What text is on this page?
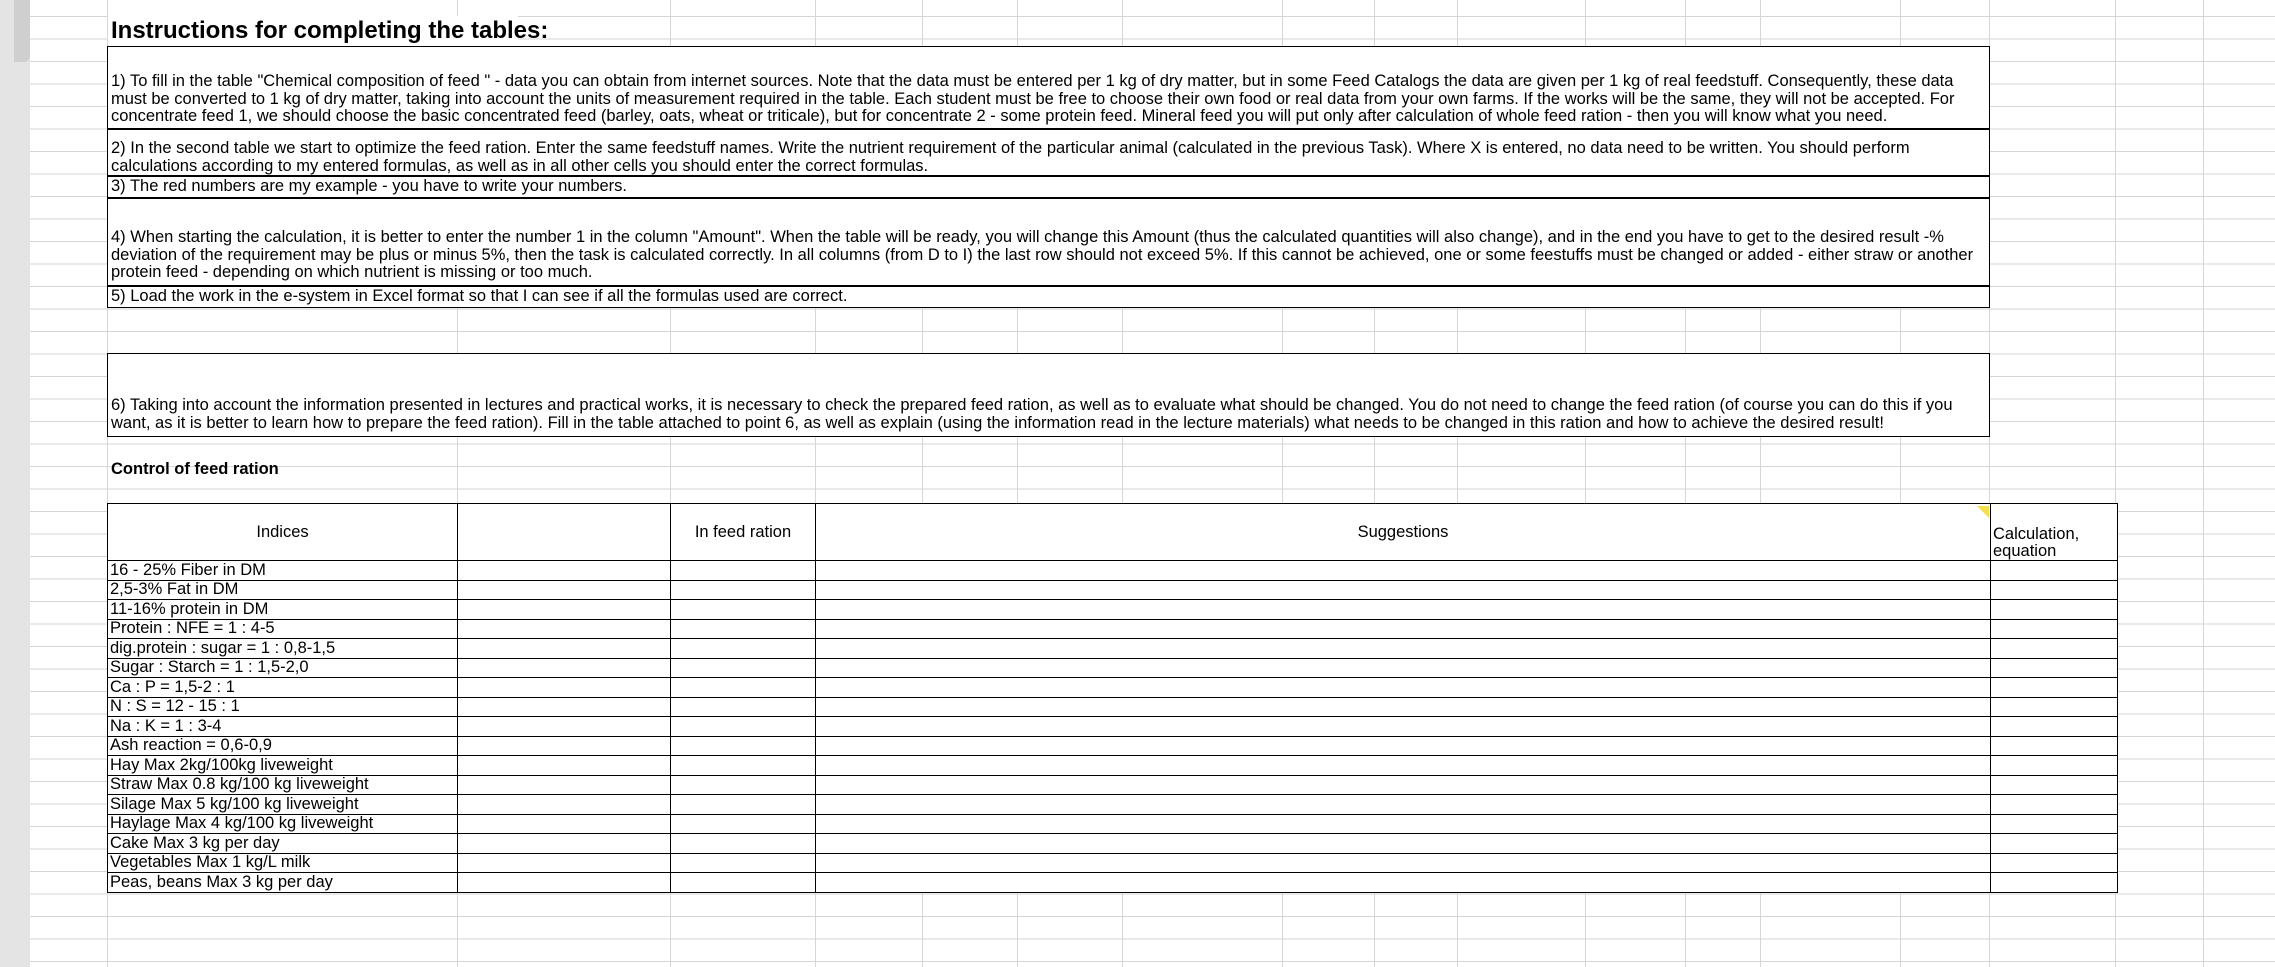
Instructions for completing the tables:
1) To fill in the table "Chemical composition of feed " - data you can obtain from internet sources. Note that the data must be entered per 1 kg of dry matter, but in some Feed Catalogs the data are given per 1 kg of real feedstuff. Consequently, these data must be converted to 1 kg of dry matter, taking into account the units of measurement required in the table. Each student must be free to choose their own food or real data from your own farms. If the works will be the same, they will not be accepted. For concentrate feed 1, we should choose the basic concentrated feed (barley, oats, wheat or triticale), but for concentrate 2 - some protein feed. Mineral feed you will put only after calculation of whole feed ration - then you will know what you need.
2) In the second table we start to optimize the feed ration. Enter the same feedstuff names. Write the nutrient requirement of the particular animal (calculated in the previous Task). Where X is entered, no data need to be written. You should perform calculations according to my entered formulas, as well as in all other cells you should enter the correct formulas.
3) The red numbers are my example - you have to write your numbers.
4) When starting the calculation, it is better to enter the number 1 in the column "Amount". When the table will be ready, you will change this Amount (thus the calculated quantities will also change), and in the end you have to get to the desired result -% deviation of the requirement may be plus or minus 5%, then the task is calculated correctly. In all columns (from D to I) the last row should not exceed 5%. If this cannot be achieved, one or some feestuffs must be changed or added - either straw or another protein feed - depending on which nutrient is missing or too much.
5) Load the work in the e-system in Excel format so that I can see if all the formulas used are correct.
6) Taking into account the information presented in lectures and practical works, it is necessary to check the prepared feed ration, as well as to evaluate what should be changed. You do not need to change the feed ration (of course you can do this if you want, as it is better to learn how to prepare the feed ration). Fill in the table attached to point 6, as well as explain (using the information read in the lecture materials) what needs to be changed in this ration and how to achieve the desired result!
Control of feed ration
Indices		In feed ration	Suggestions	Calculation, equation
16 - 25% Fiber in DM				
2,5-3% Fat in DM				
11-16% protein in DM				
Protein : NFE = 1 : 4-5				
dig.protein : sugar = 1 : 0,8-1,5				
Sugar : Starch = 1 : 1,5-2,0				
Ca : P = 1,5-2 : 1				
N : S = 12 - 15 : 1				
Na : K = 1 : 3-4				
Ash reaction = 0,6-0,9				
Hay Max 2kg/100kg liveweight				
Straw Max 0.8 kg/100 kg liveweight				
Silage Max 5 kg/100 kg liveweight				
Haylage Max 4 kg/100 kg liveweight				
Cake Max 3 kg per day				
Vegetables Max 1 kg/L milk				
Peas, beans Max 3 kg per day				
